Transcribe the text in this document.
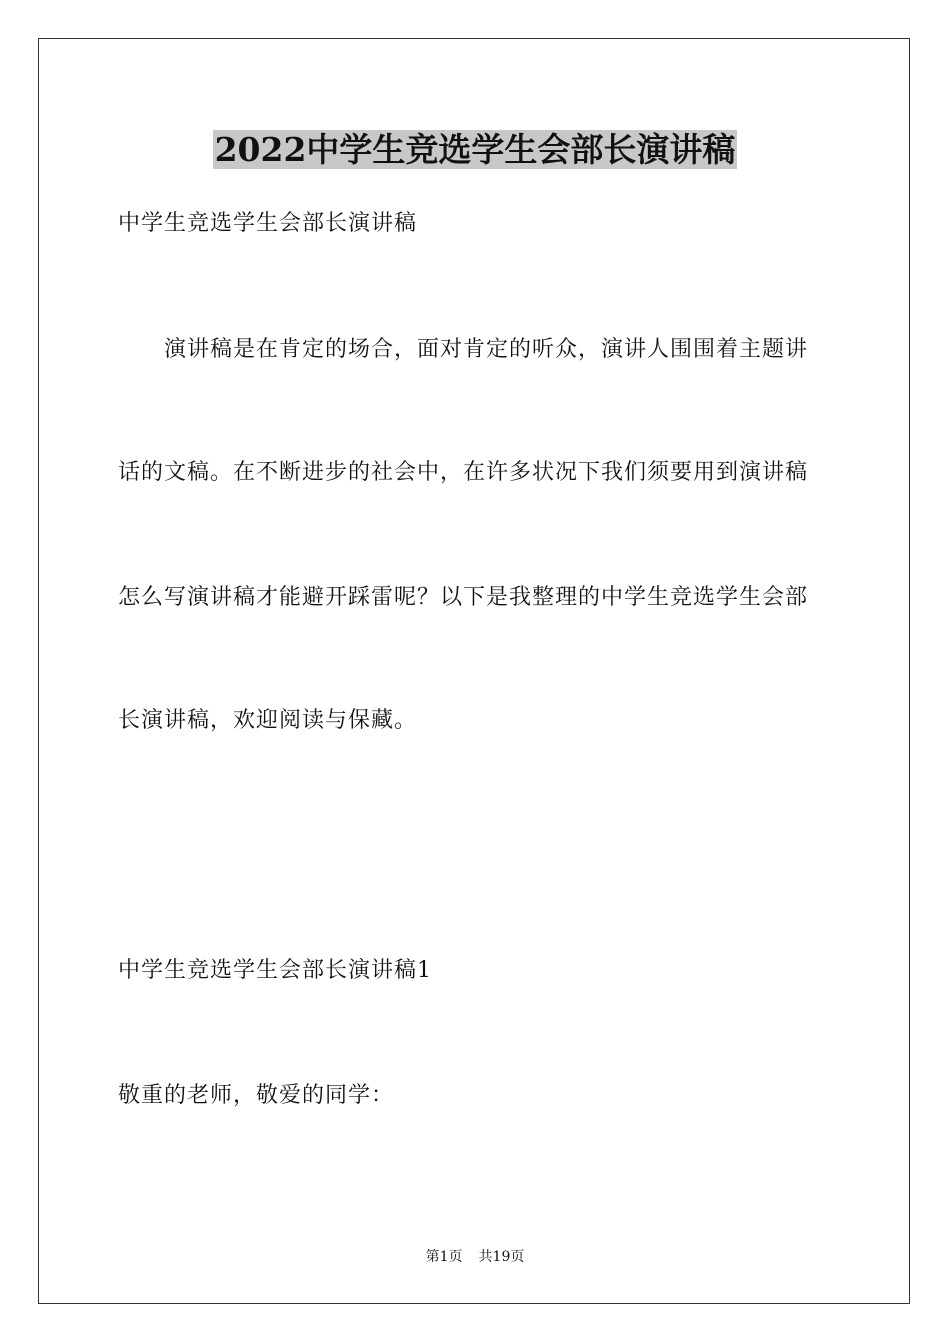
2022中学生竞选学生会部长演讲稿
中学生竞选学生会部长演讲稿
演讲稿是在肯定的场合，面对肯定的听众，演讲人围围着主题讲
话的文稿。在不断进步的社会中，在许多状况下我们须要用到演讲稿
怎么写演讲稿才能避开踩雷呢？以下是我整理的中学生竞选学生会部
长演讲稿，欢迎阅读与保藏。
中学生竞选学生会部长演讲稿1
敬重的老师，敬爱的同学：
第1页 共19页
